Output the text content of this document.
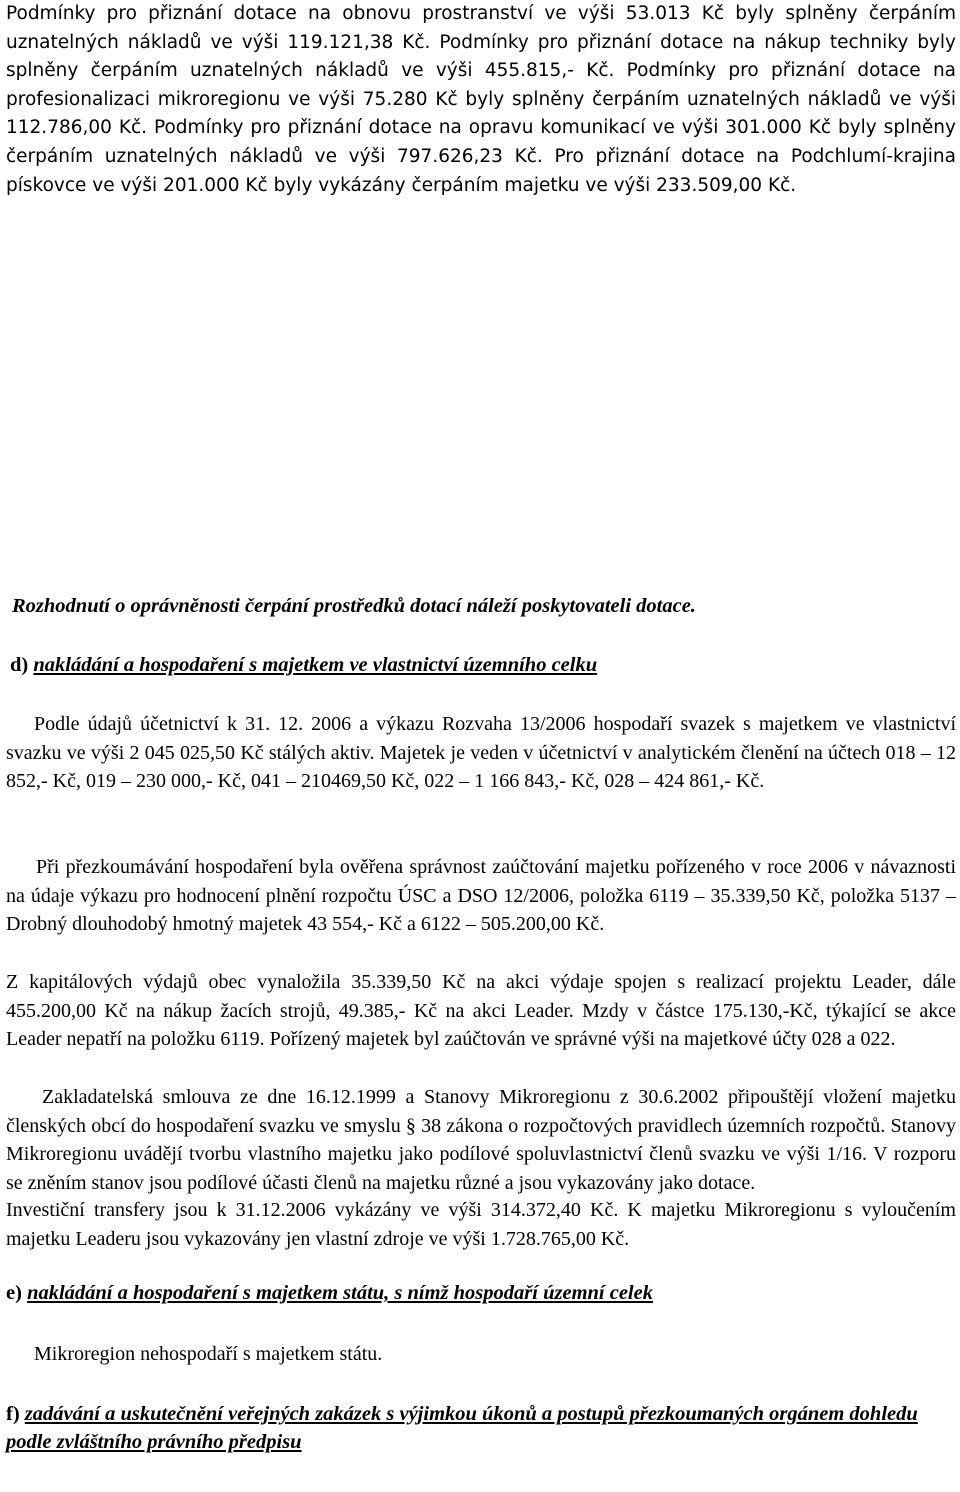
Podmínky pro přiznání dotace na obnovu prostranství ve výši 53.013 Kč byly splněny čerpáním uznatelných nákladů ve výši 119.121,38 Kč. Podmínky pro přiznání dotace na nákup techniky byly splněny čerpáním uznatelných nákladů ve výši 455.815,- Kč. Podmínky pro přiznání dotace na profesionalizaci mikroregionu ve výši 75.280 Kč byly splněny čerpáním uznatelných nákladů ve výši 112.786,00 Kč. Podmínky pro přiznání dotace na opravu komunikací ve výši 301.000 Kč byly splněny čerpáním uznatelných nákladů ve výši 797.626,23 Kč. Pro přiznání dotace na Podchlumí-krajina pískovce ve výši 201.000 Kč byly vykázány čerpáním majetku ve výši 233.509,00 Kč.

Rozhodnutí o oprávněnosti čerpání prostředků dotací náleží poskytovateli dotace.

d) nakládání a hospodaření s majetkem ve vlastnictví územního celku

Podle údajů účetnictví k 31. 12. 2006 a výkazu Rozvaha 13/2006 hospodaří svazek s majetkem ve vlastnictví svazku ve výši 2 045 025,50 Kč stálých aktiv. Majetek je veden v účetnictví v analytickém členění na účtech 018 – 12 852,- Kč, 019 – 230 000,- Kč, 041 – 210469,50 Kč, 022 – 1 166 843,- Kč, 028 – 424 861,- Kč.

Při přezkoumávání hospodaření byla ověřena správnost zaúčtování majetku pořízeného v roce 2006 v návaznosti na údaje výkazu pro hodnocení plnění rozpočtu ÚSC a DSO 12/2006, položka 6119 – 35.339,50 Kč, položka 5137 – Drobný dlouhodobý hmotný majetek 43 554,- Kč a 6122 – 505.200,00 Kč.

Z kapitálových výdajů obec vynaložila 35.339,50 Kč na akci výdaje spojen s realizací projektu Leader, dále 455.200,00 Kč na nákup žacích strojů, 49.385,- Kč na akci Leader. Mzdy v částce 175.130,-Kč, týkající se akce Leader nepatří na položku 6119. Pořízený majetek byl zaúčtován ve správné výši na majetkové účty 028 a 022.

Zakladatelská smlouva ze dne 16.12.1999 a Stanovy Mikroregionu z 30.6.2002 připouštějí vložení majetku členských obcí do hospodaření svazku ve smyslu § 38 zákona o rozpočtových pravidlech územních rozpočtů. Stanovy Mikroregionu uvádějí tvorbu vlastního majetku jako podílové spoluvlastnictví členů svazku ve výši 1/16. V rozporu se zněním stanov jsou podílové účasti členů na majetku různé a jsou vykazovány jako dotace.

Investiční transfery jsou k 31.12.2006 vykázány ve výši 314.372,40 Kč. K majetku Mikroregionu s vyloučením majetku Leaderu jsou vykazovány jen vlastní zdroje ve výši 1.728.765,00 Kč.

e) nakládání a hospodaření s majetkem státu, s nímž hospodaří územní celek

Mikroregion nehospodaří s majetkem státu.

f) zadávání a uskutečnění veřejných zakázek s výjimkou úkonů a postupů přezkoumaných orgánem dohledu podle zvláštního právního předpisu
